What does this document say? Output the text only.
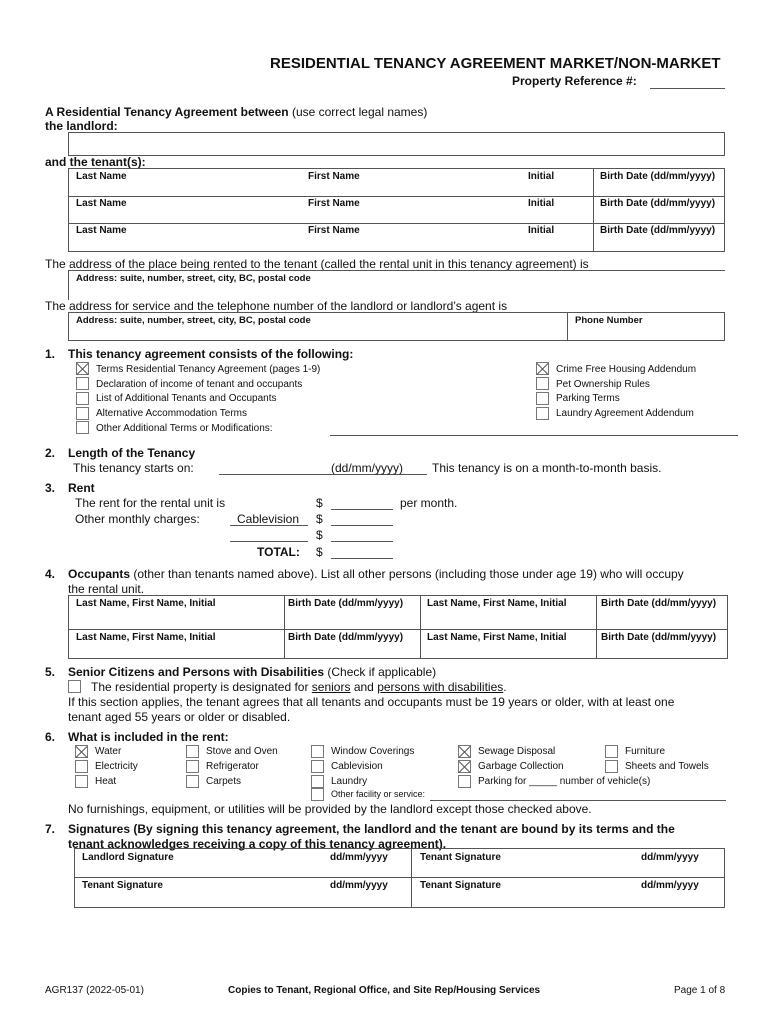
RESIDENTIAL TENANCY AGREEMENT MARKET/NON-MARKET
Property Reference #:
A Residential Tenancy Agreement between (use correct legal names)
the landlord:
and the tenant(s):
Last Name	First Name	Initial	Birth Date (dd/mm/yyyy)
Last Name	First Name	Initial	Birth Date (dd/mm/yyyy)
Last Name	First Name	Initial	Birth Date (dd/mm/yyyy)
The address of the place being rented to the tenant (called the rental unit in this tenancy agreement) is
Address: suite, number, street, city, BC, postal code
The address for service and the telephone number of the landlord or landlord’s agent is
Address: suite, number, street, city, BC, postal code	Phone Number
1. This tenancy agreement consists of the following:
Terms Residential Tenancy Agreement (pages 1-9)
Declaration of income of tenant and occupants
List of Additional Tenants and Occupants
Alternative Accommodation Terms
Other Additional Terms or Modifications:
Crime Free Housing Addendum
Pet Ownership Rules
Parking Terms
Laundry Agreement Addendum
2. Length of the Tenancy
This tenancy starts on:	(dd/mm/yyyy) This tenancy is on a month-to-month basis.
3. Rent
The rent for the rental unit is	$	per month.
Other monthly charges:	Cablevision $
$
TOTAL: $
4. Occupants (other than tenants named above). List all other persons (including those under age 19) who will occupy
the rental unit.
Last Name, First Name, Initial	Birth Date (dd/mm/yyyy) Last Name, First Name, Initial	Birth Date (dd/mm/yyyy)
Last Name, First Name, Initial	Birth Date (dd/mm/yyyy) Last Name, First Name, Initial	Birth Date (dd/mm/yyyy)
5. Senior Citizens and Persons with Disabilities (Check if applicable)
The residential property is designated for seniors and persons with disabilities.
If this section applies, the tenant agrees that all tenants and occupants must be 19 years or older, with at least one
tenant aged 55 years or older or disabled.
6. What is included in the rent:
Water
Electricity
Heat
Stove and Oven
Refrigerator
Carpets
Window Coverings
Cablevision
Laundry
Other facility or service:
Sewage Disposal
Garbage Collection
Parking for _____ number of vehicle(s)
Furniture
Sheets and Towels
No furnishings, equipment, or utilities will be provided by the landlord except those checked above.
7. Signatures (By signing this tenancy agreement, the landlord and the tenant are bound by its terms and the
tenant acknowledges receiving a copy of this tenancy agreement).
Landlord Signature	dd/mm/yyyy	Tenant Signature	dd/mm/yyyy
Tenant Signature	dd/mm/yyyy	Tenant Signature	dd/mm/yyyy
AGR137 (2022-05-01)	Copies to Tenant, Regional Office, and Site Rep/Housing Services	Page 1 of 8
